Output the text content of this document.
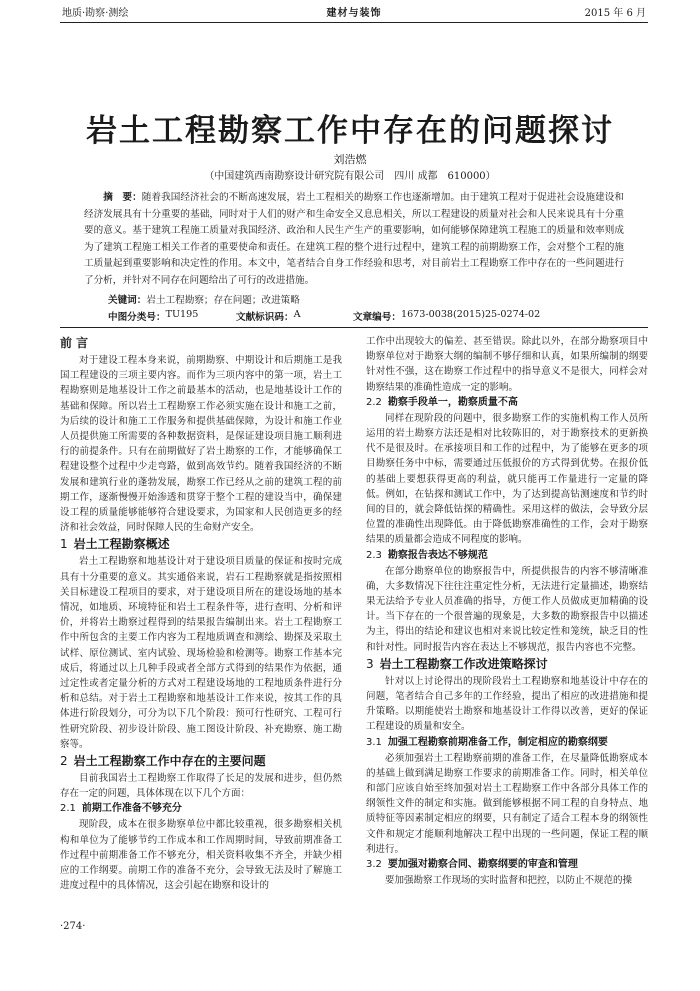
地质·勘察·测绘	建材与装饰	2015 年 6 月
岩土工程勘察工作中存在的问题探讨
刘浩燃
（中国建筑西南勘察设计研究院有限公司　四川 成都　610000）
摘　要：随着我国经济社会的不断高速发展，岩土工程相关的勘察工作也逐渐增加。由于建筑工程对于促进社会设施建设和经济发展具有十分重要的基础，同时对于人们的财产和生命安全又息息相关，所以工程建设的质量对社会和人民来说具有十分重要的意义。基于建筑工程施工质量对我国经济、政治和人民生产生产的重要影响，如何能够保障建筑工程施工的质量和效率则成为了建筑工程施工相关工作者的重要使命和责任。在建筑工程的整个进行过程中，建筑工程的前期勘察工作，会对整个工程的施工质量起到重要影响和决定性的作用。本文中，笔者结合自身工作经验和思考，对目前岩土工程勘察工作中存在的一些问题进行了分析，并针对不同存在问题给出了可行的改进措施。
关键词：岩土工程勘察；存在问题；改进策略
中图分类号： TU195	文献标识码： A	文章编号： 1673-0038(2015)25-0274-02
前 言

对于建设工程本身来说，前期勘察、中期设计和后期施工是我国工程建设的三项主要内容。而作为三项内容中的第一项，岩土工程勘察则是地基设计工作之前最基本的活动，也是地基设计工作的基础和保障。所以岩土工程勘察工作必须实施在设计和施工之前，为后续的设计和施工工作服务和提供基础保障，为设计和施工作业人员提供施工所需要的各种数据资料，是保证建设项目施工顺利进行的前提条件。只有在前期做好了岩土勘察的工作，才能够确保工程建设整个过程中少走弯路，做到高效节约。随着我国经济的不断发展和建筑行业的蓬勃发展，勘察工作已经从之前的建筑工程的前期工作，逐渐慢慢开始渗透和贯穿于整个工程的建设当中，确保建设工程的质量能够能够符合建设要求，为国家和人民创造更多的经济和社会效益，同时保障人民的生命财产安全。

1 岩土工程勘察概述

岩土工程勘察和地基设计对于建设项目质量的保证和按时完成具有十分重要的意义。其实通俗来说，岩石工程勘察就是指按照相关目标建设工程项目的要求，对于建设项目所在的建设场地的基本情况，如地质、环境特征和岩土工程条件等，进行查明、分析和评价，并将岩土勘察过程得到的结果报告编制出来。岩土工程勘察工作中所包含的主要工作内容为工程地质调查和测绘、勘探及采取土试样、原位测试、室内试验、现场检验和检测等。勘察工作基本完成后，将通过以上几种手段或者全部方式得到的结果作为依据，通过定性或者定量分析的方式对工程建设场地的工程地质条件进行分析和总结。对于岩土工程勘察和地基设计工作来说，按其工作的具体进行阶段划分，可分为以下几个阶段：预可行性研究、工程可行性研究阶段、初步设计阶段、施工图设计阶段、补充勘察、施工勘察等。

2 岩土工程勘察工作中存在的主要问题

目前我国岩土工程勘察工作取得了长足的发展和进步，但仍然存在一定的问题，具体体现在以下几个方面：

2.1 前期工作准备不够充分

现阶段，成本在很多勘察单位中都比较重视，很多勘察相关机构和单位为了能够节约工作成本和工作周期时间，导致前期准备工作过程中前期准备工作不够充分，相关资料收集不齐全，并缺少相应的工作纲要。前期工作的准备不充分，会导致无法及时了解施工进度过程中的具体情况，这会引起在勘察和设计的

工作中出现较大的偏差、甚至错误。除此以外，在部分勘察项目中勘察单位对于勘察大纲的编制不够仔细和认真，如果所编制的纲要针对性不强，这在勘察工作过程中的指导意义不是很大，同样会对勘察结果的准确性造成一定的影响。

2.2 勘察手段单一，勘察质量不高

同样在现阶段的问题中，很多勘察工作的实施机构工作人员所运用的岩土勘察方法还是相对比较陈旧的，对于勘察技术的更新换代不是很及时。在承接项目和工作的过程中，为了能够在更多的项目勘察任务中中标，需要通过压低报价的方式得到优势。在报价低的基础上要想获得更高的利益，就只能再工作量进行一定量的降低。例如，在钻探和测试工作中，为了达到提高钻测速度和节约时间的目的，就会降低钻探的精确性。采用这样的做法，会导致分层位置的准确性出现降低。由于降低勘察准确性的工作，会对于勘察结果的质量都会造成不同程度的影响。

2.3 勘察报告表达不够规范

在部分勘察单位的勘察报告中，所提供报告的内容不够清晰准确，大多数情况下往往注重定性分析，无法进行定量描述，勘察结果无法给予专业人员准确的指导，方便工作人员做成更加精确的设计。当下存在的一个很普遍的现象是，大多数的勘察报告中以描述为主，得出的结论和建议也相对来说比较定性和笼统，缺乏目的性和针对性。同时报告内容在表达上不够规范，报告内容也不完整。

3 岩土工程勘察工作改进策略探讨

针对以上讨论得出的现阶段岩土工程勘察和地基设计中存在的问题，笔者结合自己多年的工作经验，提出了相应的改进措施和提升策略。以期能使岩土勘察和地基设计工作得以改善，更好的保证工程建设的质量和安全。

3.1 加强工程勘察前期准备工作，制定相应的勘察纲要

必须加强岩土工程勘察前期的准备工作，在尽量降低勘察成本的基础上做到满足勘察工作要求的前期准备工作。同时，相关单位和部门应该自始至终加强对岩土工程勘察工作中各部分具体工作的纲领性文件的制定和实施。做到能够根据不同工程的自身特点、地质特征等因素制定相应的纲要，只有制定了适合工程本身的纲领性文件和规定才能顺利地解决工程中出现的一些问题，保证工程的顺利进行。

3.2 要加强对勘察合同、勘察纲要的审查和管理

要加强勘察工作现场的实时监督和把控，以防止不规范的操

·274·
